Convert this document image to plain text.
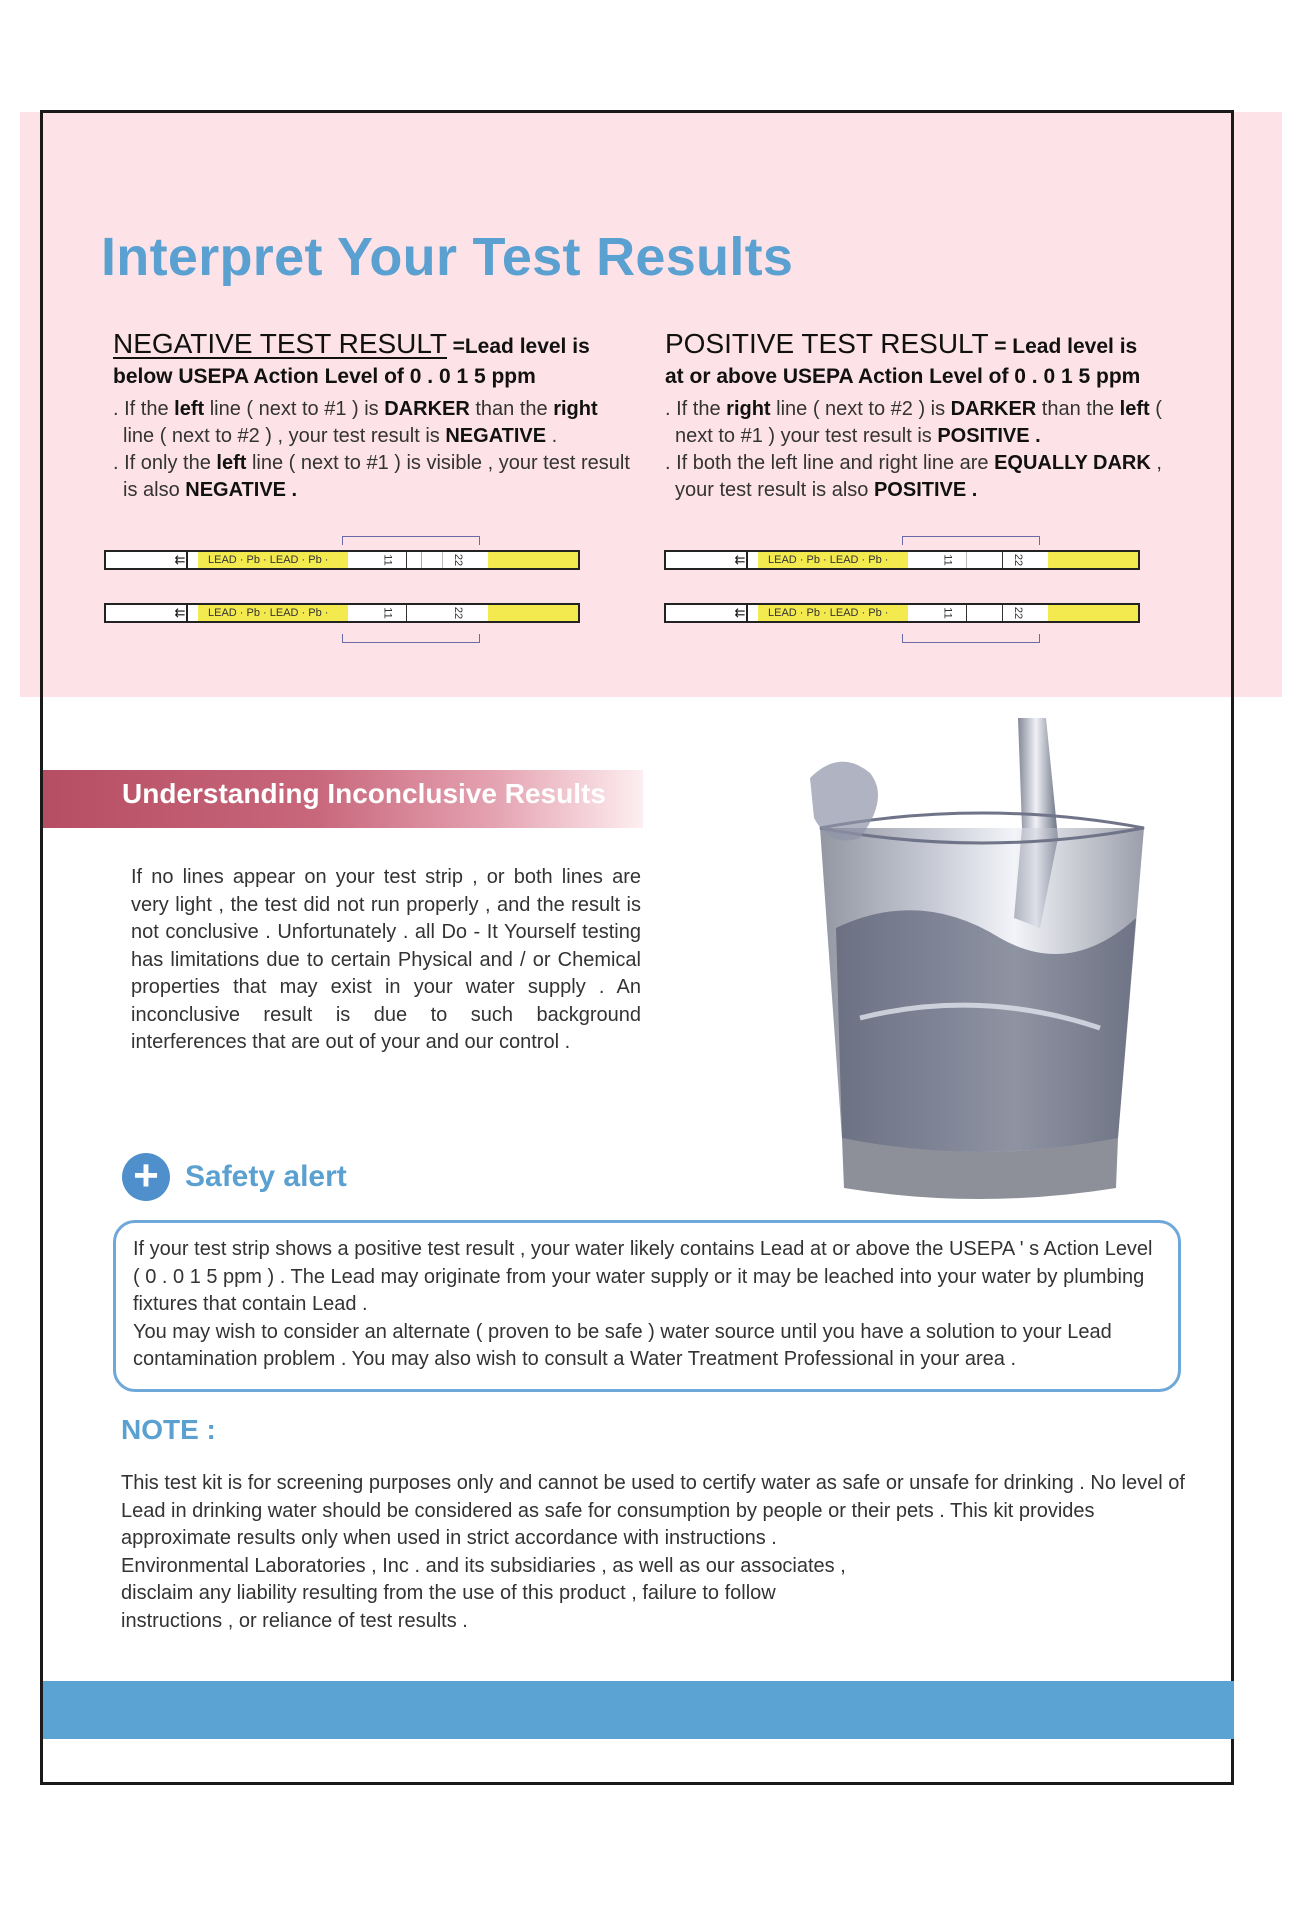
Interpret Your Test Results
NEGATIVE TEST RESULT =Lead level is
below USEPA Action Level of 0 . 0 1 5 ppm

. If the left line ( next to #1 ) is DARKER than the right line ( next to #2 ) , your test result is NEGATIVE .

. If only the left line ( next to #1 ) is visible , your test result is also NEGATIVE .

POSITIVE TEST RESULT = Lead level is
at or above USEPA Action Level of 0 . 0 1 5 ppm

. If the right line ( next to #2 ) is DARKER than the left ( next to #1 ) your test result is POSITIVE .

. If both the left line and right line are EQUALLY DARK , your test result is also POSITIVE .

⇇	LEAD · Pb · LEAD · Pb ·	11	22
⇇	LEAD · Pb · LEAD · Pb ·	11	22
⇇	LEAD · Pb · LEAD · Pb ·	11	22
⇇	LEAD · Pb · LEAD · Pb ·	11	22
Understanding Inconclusive Results

If no lines appear on your test strip , or both lines are very light , the test did not run properly , and the result is not conclusive . Unfortunately . all Do - It Yourself testing has limitations due to certain Physical and / or Chemical properties that may exist in your water supply . An inconclusive result is due to such background interferences that are out of your and our control .

+ Safety alert

If your test strip shows a positive test result , your water likely contains Lead at or above the USEPA ' s Action Level ( 0 . 0 1 5 ppm ) . The Lead may originate from your water supply or it may be leached into your water by plumbing fixtures that contain Lead .

You may wish to consider an alternate ( proven to be safe ) water source until you have a solution to your Lead contamination problem . You may also wish to consult a Water Treatment Professional in your area .

NOTE :

This test kit is for screening purposes only and cannot be used to certify water as safe or unsafe for drinking . No level of Lead in drinking water should be considered as safe for consumption by people or their pets . This kit provides approximate results only when used in strict accordance with instructions .

Environmental Laboratories , Inc . and its subsidiaries , as well as our associates ,

disclaim any liability resulting from the use of this product , failure to follow

instructions , or reliance of test results .
